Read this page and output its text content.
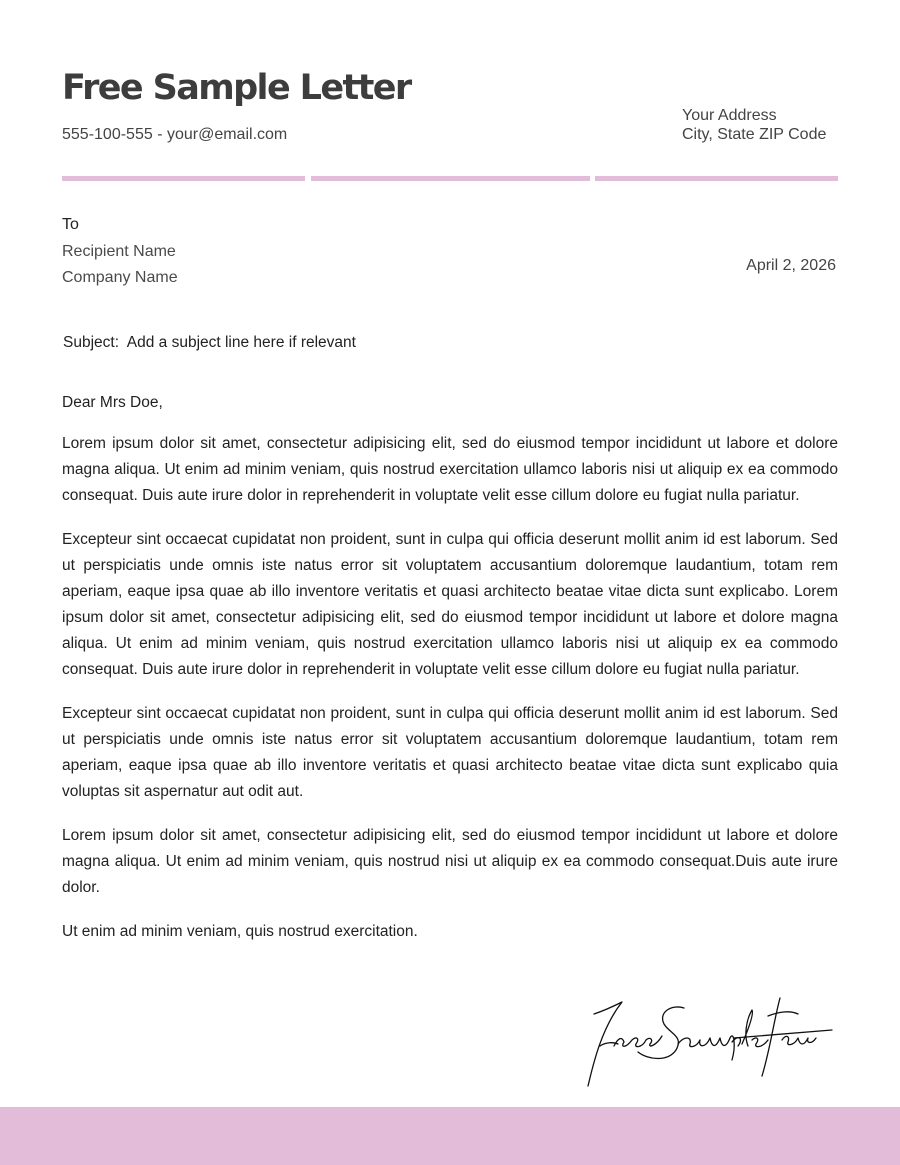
Free Sample Letter
555-100-555 - your@email.com
Your Address
City, State ZIP Code
To
Recipient Name
Company Name
April 2, 2026
Subject:  Add a subject line here if relevant

Dear Mrs Doe,

Lorem ipsum dolor sit amet, consectetur adipisicing elit, sed do eiusmod tempor incididunt ut labore et dolore magna aliqua. Ut enim ad minim veniam, quis nostrud exercitation ullamco laboris nisi ut aliquip ex ea commodo consequat. Duis aute irure dolor in reprehenderit in voluptate velit esse cillum dolore eu fugiat nulla pariatur.

Excepteur sint occaecat cupidatat non proident, sunt in culpa qui officia deserunt mollit anim id est laborum. Sed ut perspiciatis unde omnis iste natus error sit voluptatem accusantium doloremque laudantium, totam rem aperiam, eaque ipsa quae ab illo inventore veritatis et quasi architecto beatae vitae dicta sunt explicabo. Lorem ipsum dolor sit amet, consectetur adipisicing elit, sed do eiusmod tempor incididunt ut labore et dolore magna aliqua. Ut enim ad minim veniam, quis nostrud exercitation ullamco laboris nisi ut aliquip ex ea commodo consequat. Duis aute irure dolor in reprehenderit in voluptate velit esse cillum dolore eu fugiat nulla pariatur.

Excepteur sint occaecat cupidatat non proident, sunt in culpa qui officia deserunt mollit anim id est laborum. Sed ut perspiciatis unde omnis iste natus error sit voluptatem accusantium doloremque laudantium, totam rem aperiam, eaque ipsa quae ab illo inventore veritatis et quasi architecto beatae vitae dicta sunt explicabo quia voluptas sit aspernatur aut odit aut.

Lorem ipsum dolor sit amet, consectetur adipisicing elit, sed do eiusmod tempor incididunt ut labore et dolore magna aliqua. Ut enim ad minim veniam, quis nostrud nisi ut aliquip ex ea commodo consequat.Duis aute irure dolor.

Ut enim ad minim veniam, quis nostrud exercitation.
